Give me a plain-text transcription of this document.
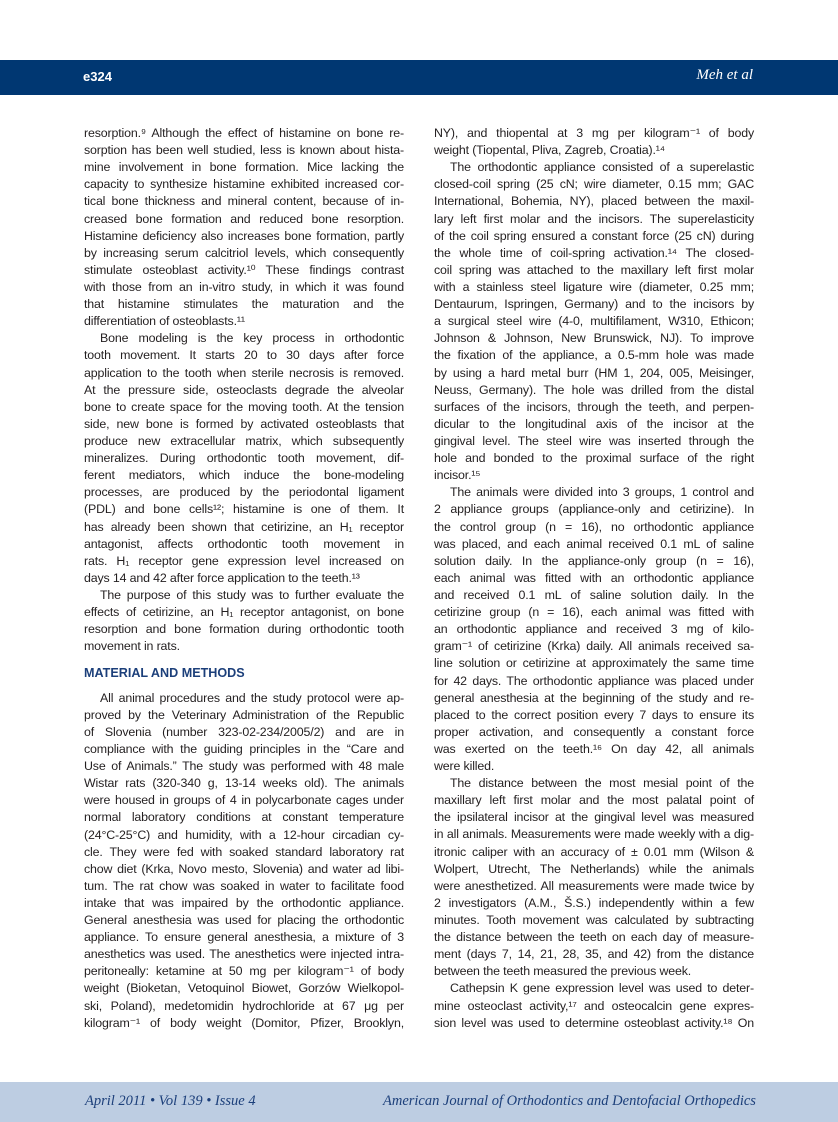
e324	Meh et al
resorption.⁹ Although the effect of histamine on bone re-
sorption has been well studied, less is known about hista-
mine involvement in bone formation. Mice lacking the
capacity to synthesize histamine exhibited increased cor-
tical bone thickness and mineral content, because of in-
creased bone formation and reduced bone resorption.
Histamine deficiency also increases bone formation, partly
by increasing serum calcitriol levels, which consequently
stimulate osteoblast activity.¹⁰ These findings contrast
with those from an in-vitro study, in which it was found
that histamine stimulates the maturation and the
differentiation of osteoblasts.¹¹
Bone modeling is the key process in orthodontic
tooth movement. It starts 20 to 30 days after force
application to the tooth when sterile necrosis is removed.
At the pressure side, osteoclasts degrade the alveolar
bone to create space for the moving tooth. At the tension
side, new bone is formed by activated osteoblasts that
produce new extracellular matrix, which subsequently
mineralizes. During orthodontic tooth movement, dif-
ferent mediators, which induce the bone-modeling
processes, are produced by the periodontal ligament
(PDL) and bone cells¹²; histamine is one of them. It
has already been shown that cetirizine, an H₁ receptor
antagonist, affects orthodontic tooth movement in
rats. H₁ receptor gene expression level increased on
days 14 and 42 after force application to the teeth.¹³
The purpose of this study was to further evaluate the
effects of cetirizine, an H₁ receptor antagonist, on bone
resorption and bone formation during orthodontic tooth
movement in rats.
MATERIAL AND METHODS
All animal procedures and the study protocol were ap-
proved by the Veterinary Administration of the Republic
of Slovenia (number 323-02-234/2005/2) and are in
compliance with the guiding principles in the “Care and
Use of Animals.” The study was performed with 48 male
Wistar rats (320-340 g, 13-14 weeks old). The animals
were housed in groups of 4 in polycarbonate cages under
normal laboratory conditions at constant temperature
(24°C-25°C) and humidity, with a 12-hour circadian cy-
cle. They were fed with soaked standard laboratory rat
chow diet (Krka, Novo mesto, Slovenia) and water ad libi-
tum. The rat chow was soaked in water to facilitate food
intake that was impaired by the orthodontic appliance.
General anesthesia was used for placing the orthodontic
appliance. To ensure general anesthesia, a mixture of 3
anesthetics was used. The anesthetics were injected intra-
peritoneally: ketamine at 50 mg per kilogram⁻¹ of body
weight (Bioketan, Vetoquinol Biowet, Gorzów Wielkopol-
ski, Poland), medetomidin hydrochloride at 67 μg per
kilogram⁻¹ of body weight (Domitor, Pfizer, Brooklyn,
NY), and thiopental at 3 mg per kilogram⁻¹ of body
weight (Tiopental, Pliva, Zagreb, Croatia).¹⁴
The orthodontic appliance consisted of a superelastic
closed-coil spring (25 cN; wire diameter, 0.15 mm; GAC
International, Bohemia, NY), placed between the maxil-
lary left first molar and the incisors. The superelasticity
of the coil spring ensured a constant force (25 cN) during
the whole time of coil-spring activation.¹⁴ The closed-
coil spring was attached to the maxillary left first molar
with a stainless steel ligature wire (diameter, 0.25 mm;
Dentaurum, Ispringen, Germany) and to the incisors by
a surgical steel wire (4-0, multifilament, W310, Ethicon;
Johnson & Johnson, New Brunswick, NJ). To improve
the fixation of the appliance, a 0.5-mm hole was made
by using a hard metal burr (HM 1, 204, 005, Meisinger,
Neuss, Germany). The hole was drilled from the distal
surfaces of the incisors, through the teeth, and perpen-
dicular to the longitudinal axis of the incisor at the
gingival level. The steel wire was inserted through the
hole and bonded to the proximal surface of the right
incisor.¹⁵
The animals were divided into 3 groups, 1 control and
2 appliance groups (appliance-only and cetirizine). In
the control group (n = 16), no orthodontic appliance
was placed, and each animal received 0.1 mL of saline
solution daily. In the appliance-only group (n = 16),
each animal was fitted with an orthodontic appliance
and received 0.1 mL of saline solution daily. In the
cetirizine group (n = 16), each animal was fitted with
an orthodontic appliance and received 3 mg of kilo-
gram⁻¹ of cetirizine (Krka) daily. All animals received sa-
line solution or cetirizine at approximately the same time
for 42 days. The orthodontic appliance was placed under
general anesthesia at the beginning of the study and re-
placed to the correct position every 7 days to ensure its
proper activation, and consequently a constant force
was exerted on the teeth.¹⁶ On day 42, all animals
were killed.
The distance between the most mesial point of the
maxillary left first molar and the most palatal point of
the ipsilateral incisor at the gingival level was measured
in all animals. Measurements were made weekly with a dig-
itronic caliper with an accuracy of ± 0.01 mm (Wilson &
Wolpert, Utrecht, The Netherlands) while the animals
were anesthetized. All measurements were made twice by
2 investigators (A.M., Š.S.) independently within a few
minutes. Tooth movement was calculated by subtracting
the distance between the teeth on each day of measure-
ment (days 7, 14, 21, 28, 35, and 42) from the distance
between the teeth measured the previous week.
Cathepsin K gene expression level was used to deter-
mine osteoclast activity,¹⁷ and osteocalcin gene expres-
sion level was used to determine osteoblast activity.¹⁸ On
April 2011 • Vol 139 • Issue 4	American Journal of Orthodontics and Dentofacial Orthopedics
